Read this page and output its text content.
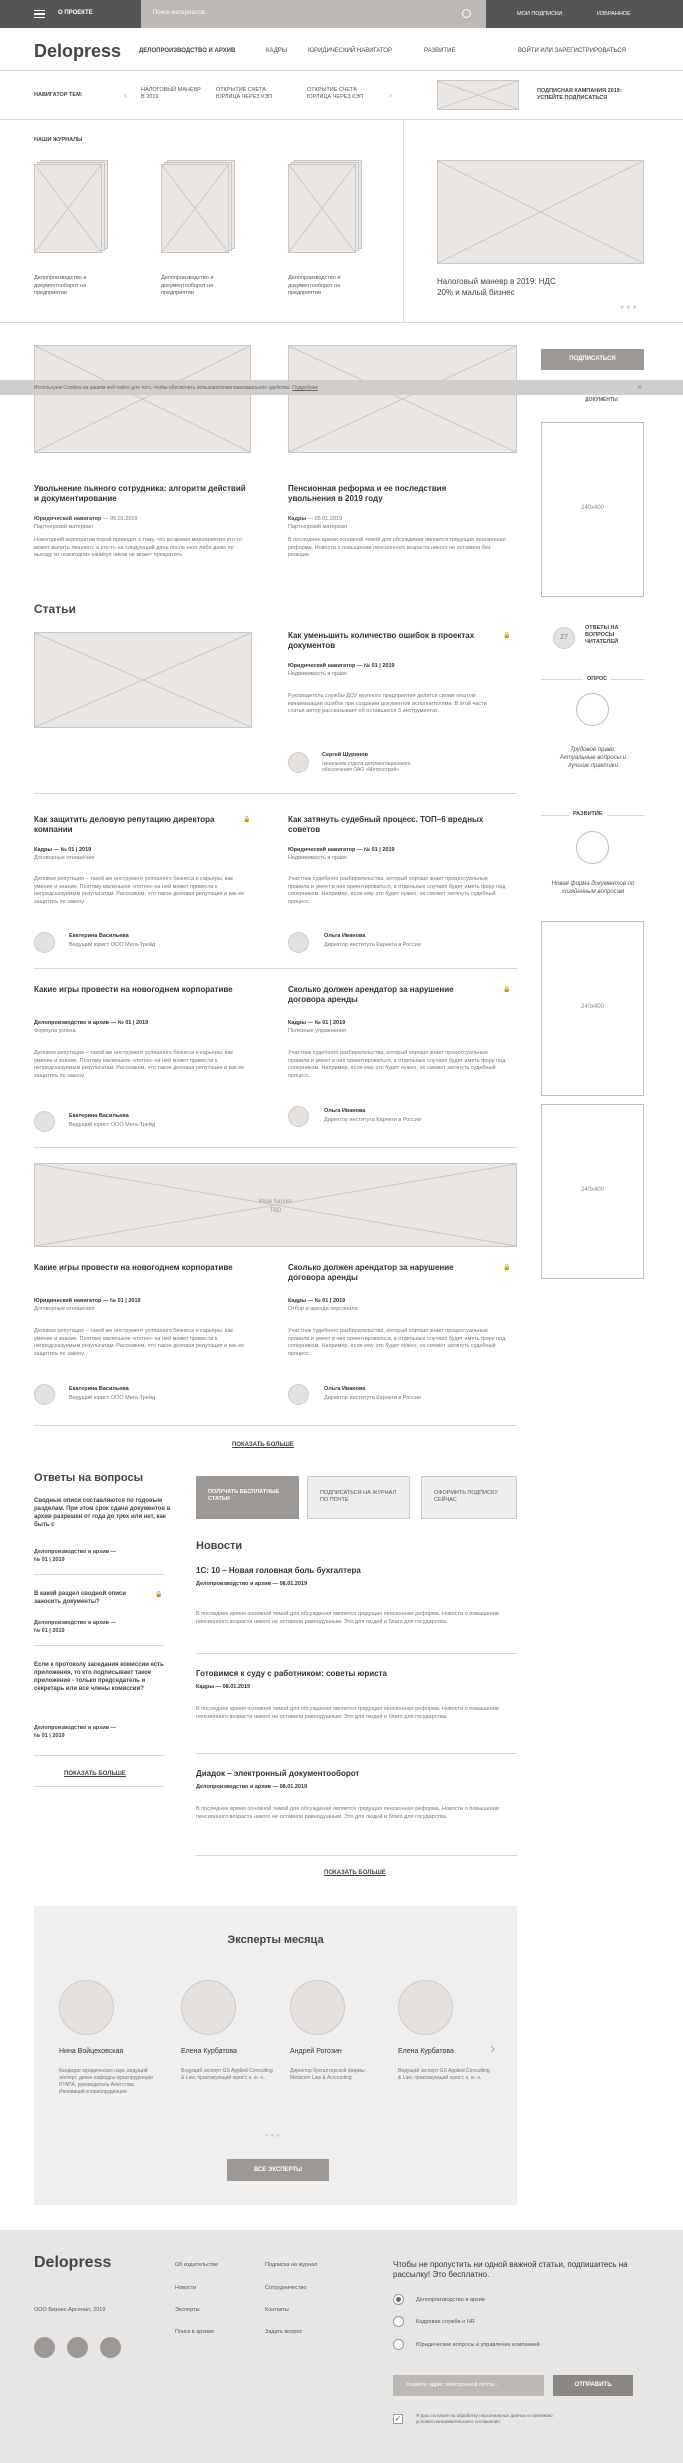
О ПРОЕКТЕ	Поиск материалов...	МОИ ПОДПИСКИ	ИЗБРАННОЕ
Delopress	ДЕЛОПРОИЗВОДСТВО И АРХИВ	КАДРЫ	ЮРИДИЧЕСКИЙ НАВИГАТОР	РАЗВИТИЕ	ВОЙТИ ИЛИ ЗАРЕГИСТРИРОВАТЬСЯ
НАВИГАТОР ТЕМ:	‹	НАЛОГОВЫЙ МАНЕВР В 2019
ОТКРЫТИЕ СЧЕТА ЮРЛИЦА ЧЕРЕЗ КЭП
ОТКРЫТИЕ СЧЕТА ЮРЛИЦА ЧЕРЕЗ КЭП	›	ПОДПИСНАЯ КАМПАНИЯ 2019: УСПЕЙТЕ ПОДПИСАТЬСЯ
НАШИ ЖУРНАЛЫ
Делопроизводство и документооборот на предприятии
Делопроизводство и документооборот на предприятии
Делопроизводство и документооборот на предприятии
Налоговый маневр в 2019: НДС 20% и малый бизнес
●●●
ПОДПИСАТЬСЯ
Используем Cookies на нашем веб-сайте для того, чтобы обеспечить пользователям максимальное удобство. Подробнее	×
ДОКУМЕНТЫ
Увольнение пьяного сотрудника: алгоритм действий и документирование
Юридический навигатор — 05.01.2019
Партнерский материал
Новогодний корпоратив порой приводит к тому, что во время мероприятия кто-то может выпить лишнего, а кто-то на следующий день после него либо даже по выходу из новогодних каникул никак не может прекратить
Пенсионная реформа и ее последствия увольнения в 2019 году
Кадры — 05.01.2019
Партнерский материал
В последнее время основной темой для обсуждения является грядущая пенсионная реформа. Новости о повышении пенсионного возраста никого не оставили без реакции.
240x400
Статьи
Как уменьшить количество ошибок в проектах документов
🔒
Юридический навигатор — № 01 | 2019
Недвижимость и право
Руководитель службы ДОУ крупного предприятия делится своим опытом минимизации ошибок при создании документов исполнителями. В этой части статьи автор рассказывает об оставшихся 3 инструментах.
Сергей Шуринов
начальник отдела документационного обеспечения ОАО «Метрострой»
Как защитить деловую репутацию директора компании
🔒
Кадры — № 01 | 2019
Договорные отношения
Деловая репутация – такой же инструмент успешного бизнеса и карьеры, как умение и знание. Поэтому маленькое «пятно» на ней может привести к непредсказуемым результатам. Расскажем, что такое деловая репутация и как ее защитить по закону.
Екатерина Васильева
Ведущий юрист ООО Мега-Трейд
Как затянуть судебный процесс. ТОП–6 вредных советов
Юридический навигатор — № 01 | 2019
Недвижимость и право
Участник судебного разбирательства, который хорошо знает процессуальные правила и умеет в них ориентироваться, в отдельных случаях будет иметь фору над соперником. Например, если ему это будет нужно, он сможет затянуть судебный процесс.
Ольга Иванова
Директор института Карнеги в России
Какие игры провести на новогоднем корпоративе
Делопроизводство и архив — № 01 | 2019
Формула успеха
Деловая репутация – такой же инструмент успешного бизнеса и карьеры, как умение и знание. Поэтому маленькое «пятно» на ней может привести к непредсказуемым результатам. Расскажем, что такое деловая репутация и как ее защитить по закону.
Екатерина Васильева
Ведущий юрист ООО Мега-Трейд
Сколько должен арендатор за нарушение договора аренды
🔒
Кадры — № 01 | 2019
Полезные упражнения
Участник судебного разбирательства, который хорошо знает процессуальные правила и умеет в них ориентироваться, в отдельных случаях будет иметь фору над соперником. Например, если ему это будет нужно, он сможет затянуть судебный процесс.
Ольга Иванова
Директор института Карнеги в России
Wide banner
TBD
Какие игры провести на новогоднем корпоративе
Юридический навигатор — № 01 | 2019
Договорные отношения
Деловая репутация – такой же инструмент успешного бизнеса и карьеры, как умение и знание. Поэтому маленькое «пятно» на ней может привести к непредсказуемым результатам. Расскажем, что такое деловая репутация и как ее защитить по закону.
Екатерина Васильева
Ведущий юрист ООО Мега-Трейд
Сколько должен арендатор за нарушение договора аренды
🔒
Кадры — № 01 | 2019
Отбор и аренда персонала
Участник судебного разбирательства, который хорошо знает процессуальные правила и умеет в них ориентироваться, в отдельных случаях будет иметь фору над соперником. Например, если ему это будет нужно, он сможет затянуть судебный процесс.
Ольга Иванова
Директор института Карнеги в России
ПОКАЗАТЬ БОЛЬШЕ
27
ОТВЕТЫ НА ВОПРОСЫ ЧИТАТЕЛЕЙ
ОПРОС
Трудовое право: Актуальные вопросы и лучшие практики
РАЗВИТИЕ
Новая форма документов по хозяйенным вопросам
240x400
240x400
Ответы на вопросы
Сводные описи составляются по годовым разделам. При этом срок сдачи документов в архив разрешен от года до трех или нет, как быть с
Делопроизводство и архив —
№ 01 | 2019
В какой раздел сводной описи заносить документы?
🔒
Делопроизводство и архив —
№ 01 | 2019
Если к протоколу заседания комиссии есть приложения, то кто подписывает такое приложение - только председатель и секретарь или все члены комиссии?
Делопроизводство и архив —
№ 01 | 2019
ПОКАЗАТЬ БОЛЬШЕ
ПОЛУЧАТЬ БЕСПЛАТНЫЕ СТАТЬИ
ПОДПИСАТЬСЯ НА ЖУРНАЛ ПО ПОЧТЕ
ОФОРМИТЬ ПОДПИСКУ СЕЙЧАС
Новости
1С: 10 – Новая головная боль бухгалтера
Делопроизводство и архив — 08.01.2019
В последнее время основной темой для обсуждения является грядущая пенсионная реформа. Новости о повышении пенсионного возраста никого не оставили равнодушным. Это для людей и благо для государства.
Готовимся к суду с работником: советы юриста
Кадры — 08.01.2019
В последнее время основной темой для обсуждения является грядущая пенсионная реформа. Новости о повышении пенсионного возраста никого не оставили равнодушным. Это для людей и благо для государства.
Диадок – электронный документооборот
Делопроизводство и архив — 08.01.2019
В последнее время основной темой для обсуждения является грядущая пенсионная реформа. Новости о повышении пенсионного возраста никого не оставили равнодушным. Это для людей и благо для государства.
ПОКАЗАТЬ БОЛЬШЕ
Эксперты месяца
Нина Войцеховская
Кандидат юридических наук, ведущий эксперт, декан кафедры юриспруденции РГАПА, руководитель Агентства Инноваций в юриспруденции
Елена Курбатова
Ведущий эксперт GS Applied Consulting & Law, практикующий юрист, к. ю. н.
Андрей Рогозин
Директор бухгалтерской фирмы Metacom Law & Accounting
Елена Курбатова
Ведущий эксперт GS Applied Consulting & Law, практикующий юрист, к. ю. н.
›
●●●
ВСЕ ЭКСПЕРТЫ
Delopress
ООО Бизнес-Арсенал, 2019
Об издательстве
Новости
Эксперты
Поиск в архиве
Подписка на журнал
Сотрудничество
Контакты
Задать вопрос
Чтобы не пропустить ни одной важной статьи, подпишитесь на рассылку! Это бесплатно.
Делопроизводство и архив
Кадровая служба и HR
Юридические вопросы и управление компанией
Укажите адрес электронной почты...	ОТПРАВИТЬ
✓	Я даю согласие на обработку персональных данных и принимаю условия пользовательского соглашения
